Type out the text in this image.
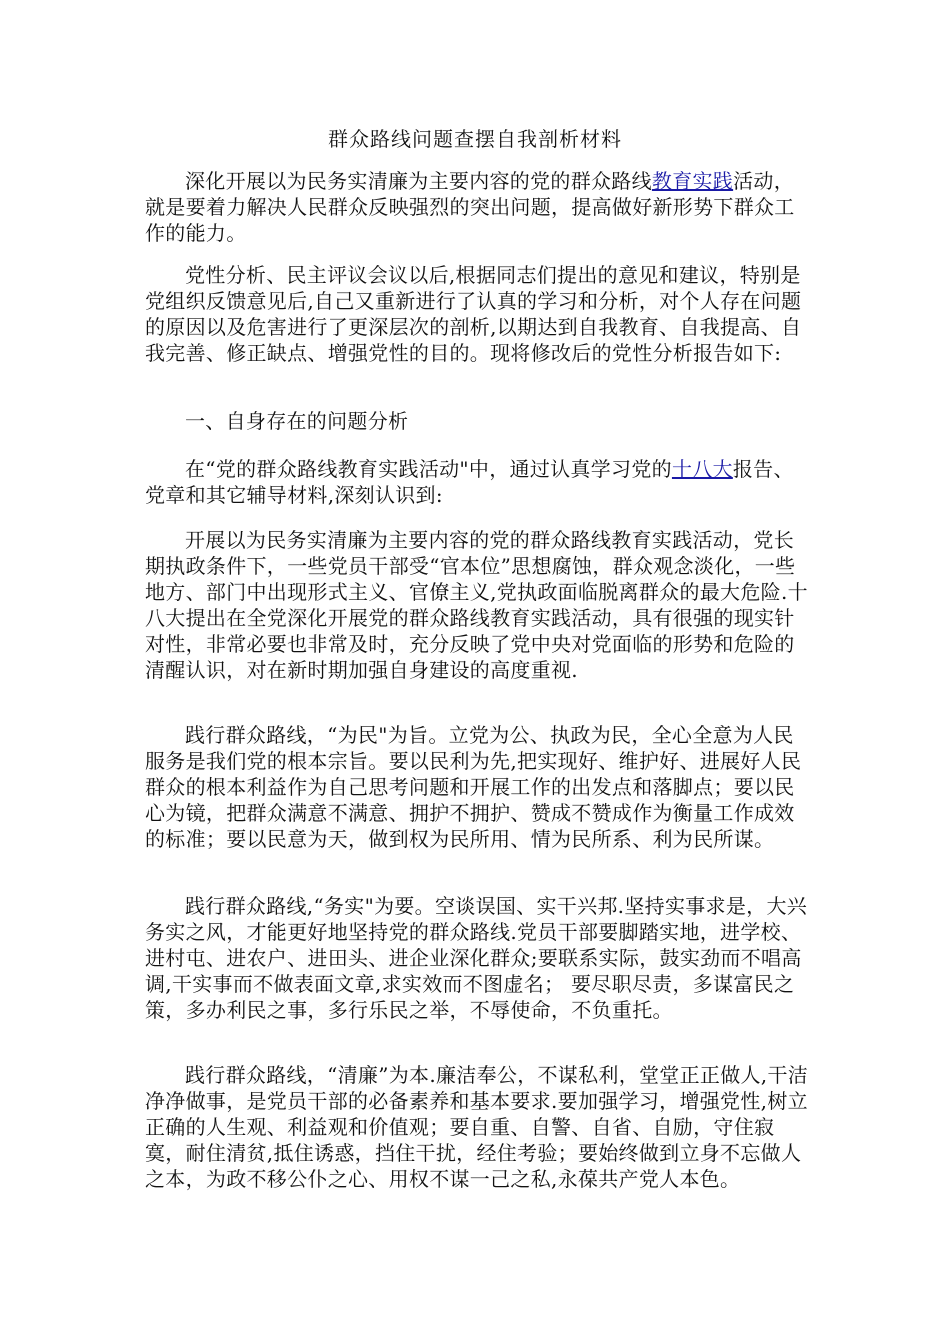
群众路线问题查摆自我剖析材料

深化开展以为民务实清廉为主要内容的党的群众路线教育实践活动，就是要着力解决人民群众反映强烈的突出问题，提高做好新形势下群众工作的能力。

党性分析、民主评议会议以后,根据同志们提出的意见和建议，特别是党组织反馈意见后,自己又重新进行了认真的学习和分析，对个人存在问题的原因以及危害进行了更深层次的剖析,以期达到自我教育、自我提高、自我完善、修正缺点、增强党性的目的。现将修改后的党性分析报告如下:

一、自身存在的问题分析

在“党的群众路线教育实践活动"中，通过认真学习党的十八大报告、党章和其它辅导材料,深刻认识到:

开展以为民务实清廉为主要内容的党的群众路线教育实践活动，党长期执政条件下，一些党员干部受“官本位”思想腐蚀，群众观念淡化，一些地方、部门中出现形式主义、官僚主义,党执政面临脱离群众的最大危险.十八大提出在全党深化开展党的群众路线教育实践活动，具有很强的现实针对性，非常必要也非常及时，充分反映了党中央对党面临的形势和危险的清醒认识，对在新时期加强自身建设的高度重视.

践行群众路线，“为民"为旨。立党为公、执政为民，全心全意为人民服务是我们党的根本宗旨。要以民利为先,把实现好、维护好、进展好人民群众的根本利益作为自己思考问题和开展工作的出发点和落脚点；要以民心为镜，把群众满意不满意、拥护不拥护、赞成不赞成作为衡量工作成效的标准；要以民意为天，做到权为民所用、情为民所系、利为民所谋。

践行群众路线,“务实"为要。空谈误国、实干兴邦.坚持实事求是，大兴务实之风，才能更好地坚持党的群众路线.党员干部要脚踏实地，进学校、进村屯、进农户、进田头、进企业深化群众;要联系实际，鼓实劲而不唱高调,干实事而不做表面文章,求实效而不图虚名； 要尽职尽责，多谋富民之策，多办利民之事，多行乐民之举，不辱使命，不负重托。

践行群众路线，“清廉”为本.廉洁奉公，不谋私利，堂堂正正做人,干洁净净做事，是党员干部的必备素养和基本要求.要加强学习，增强党性,树立正确的人生观、利益观和价值观；要自重、自警、自省、自励，守住寂寞，耐住清贫,抵住诱惑，挡住干扰，经住考验；要始终做到立身不忘做人之本，为政不移公仆之心、用权不谋一己之私,永葆共产党人本色。
